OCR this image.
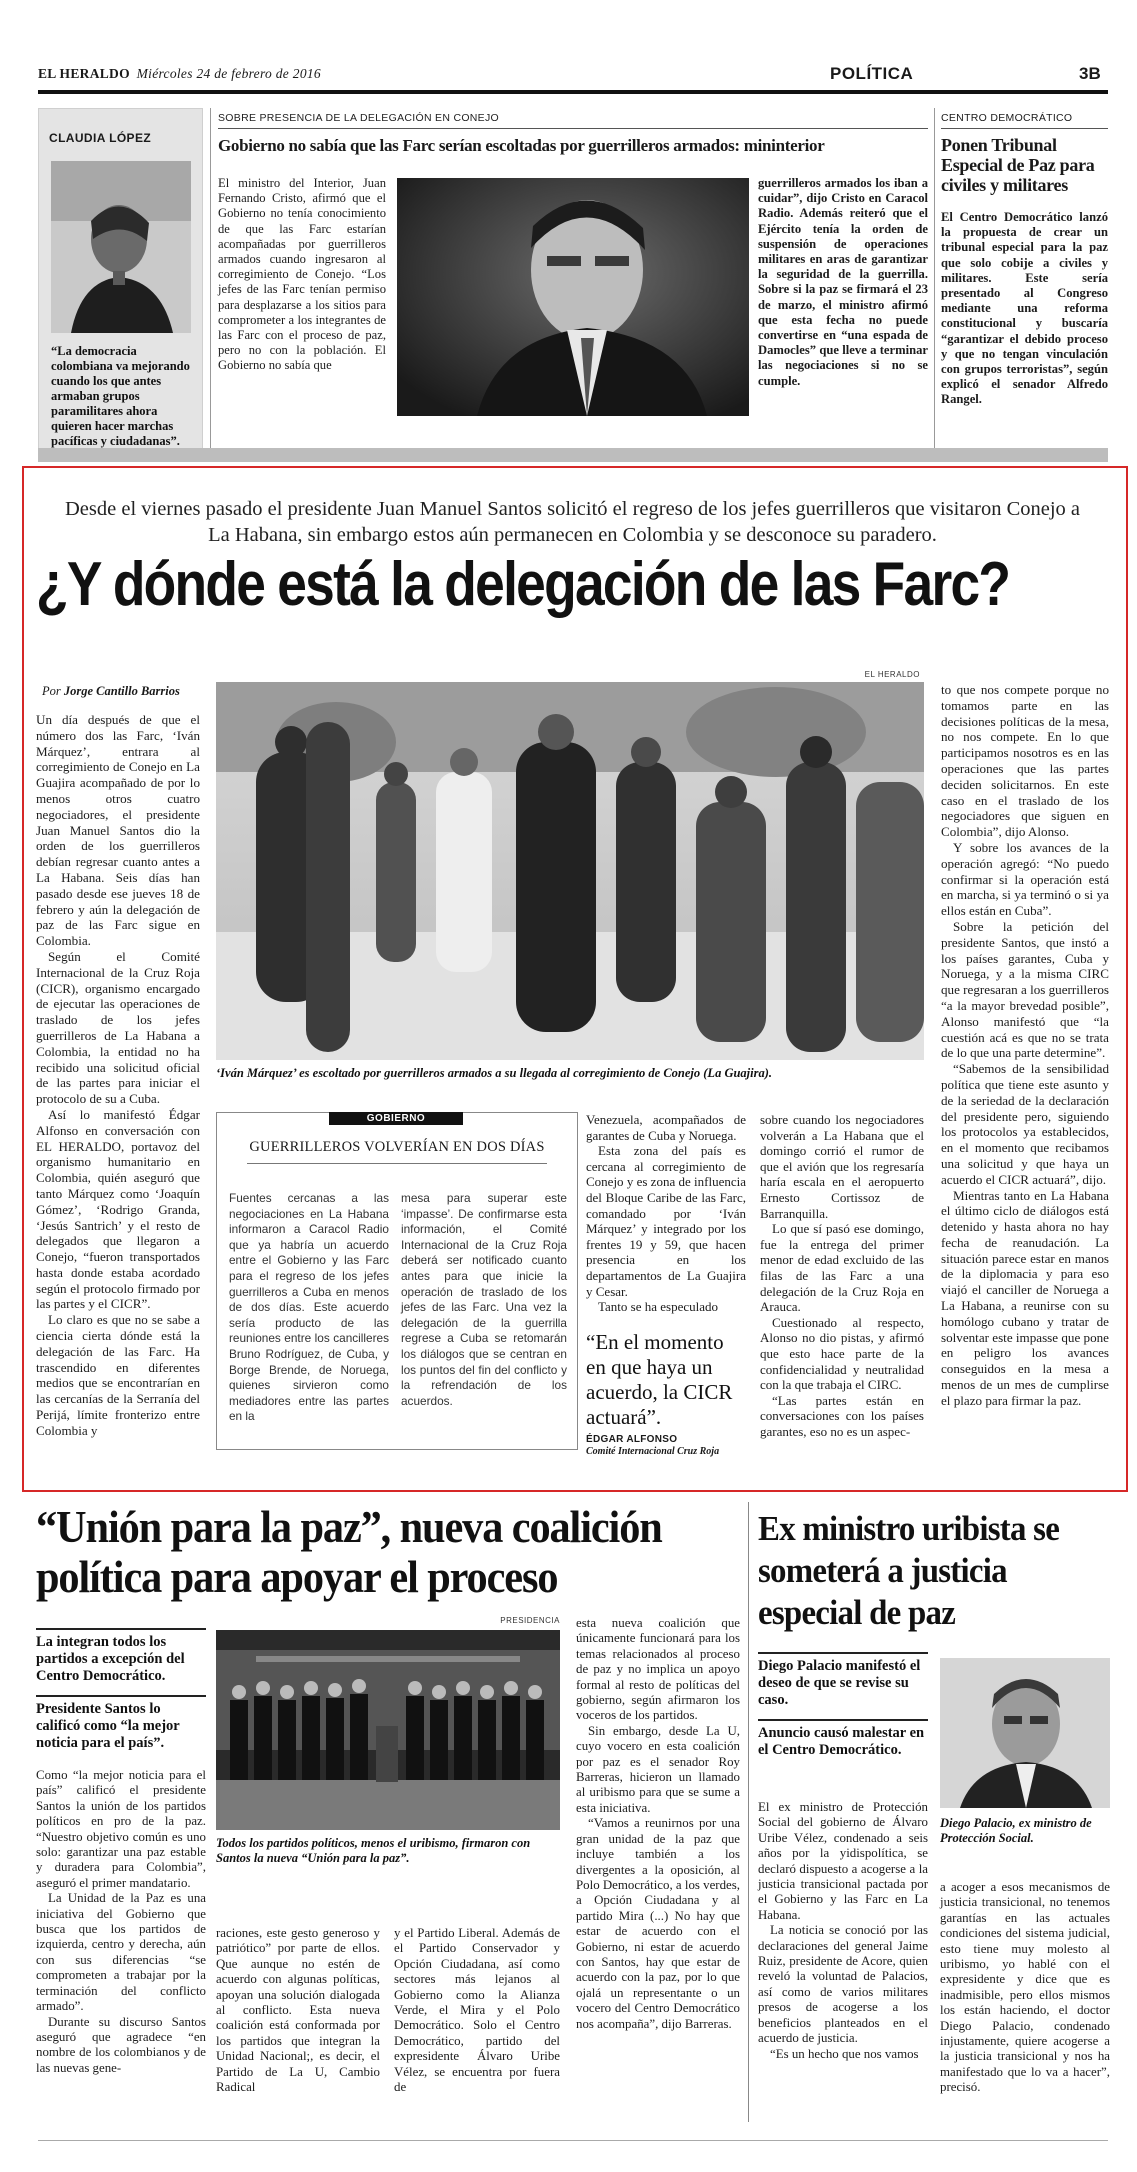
EL HERALDO Miércoles 24 de febrero de 2016	POLÍTICA	3B
CLAUDIA LÓPEZ
“La democracia colombiana va mejorando cuando los que antes armaban grupos paramilitares ahora quieren hacer marchas pacíficas y ciudadanas”.
SOBRE PRESENCIA DE LA DELEGACIÓN EN CONEJO
Gobierno no sabía que las Farc serían escoltadas por guerrilleros armados: mininterior
El ministro del Interior, Juan Fernando Cristo, afirmó que el Gobierno no tenía conocimiento de que las Farc estarían acompañadas por guerrilleros armados cuando ingresaron al corregimiento de Conejo. “Los jefes de las Farc tenían permiso para desplazarse a los sitios para comprometer a los integrantes de las Farc con el proceso de paz, pero no con la población. El Gobierno no sabía que
guerrilleros armados los iban a cuidar”, dijo Cristo en Caracol Radio. Además reiteró que el Ejército tenía la orden de suspensión de operaciones militares en aras de garantizar la seguridad de la guerrilla. Sobre si la paz se firmará el 23 de marzo, el ministro afirmó que esta fecha no puede convertirse en “una espada de Damocles” que lleve a terminar las negociaciones si no se cumple.
CENTRO DEMOCRÁTICO
Ponen Tribunal Especial de Paz para civiles y militares
El Centro Democrático lanzó la propuesta de crear un tribunal especial para la paz que solo cobije a civiles y militares. Este sería presentado al Congreso mediante una reforma constitucional y buscaría “garantizar el debido proceso y que no tengan vinculación con grupos terroristas”, según explicó el senador Alfredo Rangel.
Desde el viernes pasado el presidente Juan Manuel Santos solicitó el regreso de los jefes guerrilleros que visitaron Conejo a La Habana, sin embargo estos aún permanecen en Colombia y se desconoce su paradero.
¿Y dónde está la delegación de las Farc?
Por Jorge Cantillo Barrios
EL HERALDO

Un día después de que el número dos las Farc, ‘Iván Márquez’, entrara al corregimiento de Conejo en La Guajira acompañado de por lo menos otros cuatro negociadores, el presidente Juan Manuel Santos dio la orden de los guerrilleros debían regresar cuanto antes a La Habana. Seis días han pasado desde ese jueves 18 de febrero y aún la delegación de paz de las Farc sigue en Colombia.

Según el Comité Internacional de la Cruz Roja (CICR), organismo encargado de ejecutar las operaciones de traslado de los jefes guerrilleros de La Habana a Colombia, la entidad no ha recibido una solicitud oficial de las partes para iniciar el protocolo de su a Cuba.

Así lo manifestó Édgar Alfonso en conversación con EL HERALDO, portavoz del organismo humanitario en Colombia, quién aseguró que tanto Márquez como ‘Joaquín Gómez’, ‘Rodrigo Granda, ‘Jesús Santrich’ y el resto de delegados que llegaron a Conejo, “fueron transportados hasta donde estaba acordado según el protocolo firmado por las partes y el CICR”.

Lo claro es que no se sabe a ciencia cierta dónde está la delegación de las Farc. Ha trascendido en diferentes medios que se encontrarían en las cercanías de la Serranía del Perijá, límite fronterizo entre Colombia y

‘Iván Márquez’ es escoltado por guerrilleros armados a su llegada al corregimiento de Conejo (La Guajira).

to que nos compete porque no tomamos parte en las decisiones políticas de la mesa, no nos compete. En lo que participamos nosotros es en las operaciones que las partes deciden solicitarnos. En este caso en el traslado de los negociadores que siguen en Colombia”, dijo Alonso.

Y sobre los avances de la operación agregó: “No puedo confirmar si la operación está en marcha, si ya terminó o si ya ellos están en Cuba”.

Sobre la petición del presidente Santos, que instó a los países garantes, Cuba y Noruega, y a la misma CIRC que regresaran a los guerrilleros “a la mayor brevedad posible”, Alonso manifestó que “la cuestión acá es que no se trata de lo que una parte determine”.

“Sabemos de la sensibilidad política que tiene este asunto y de la seriedad de la declaración del presidente pero, siguiendo los protocolos ya establecidos, en el momento que recibamos una solicitud y que haya un acuerdo el CICR actuará”, dijo.

Mientras tanto en La Habana el último ciclo de diálogos está detenido y hasta ahora no hay fecha de reanudación. La situación parece estar en manos de la diplomacia y para eso viajó el canciller de Noruega a La Habana, a reunirse con su homólogo cubano y tratar de solventar este impasse que pone en peligro los avances conseguidos en la mesa a menos de un mes de cumplirse el plazo para firmar la paz.

GOBIERNO
GUERRILLEROS VOLVERÍAN EN DOS DÍAS
Fuentes cercanas a las negociaciones en La Habana informaron a Caracol Radio que ya habría un acuerdo entre el Gobierno y las Farc para el regreso de los jefes guerrilleros a Cuba en menos de dos días. Este acuerdo sería producto de las reuniones entre los cancilleres Bruno Rodríguez, de Cuba, y Borge Brende, de Noruega, quienes sirvieron como mediadores entre las partes en la
mesa para superar este ‘impasse’. De confirmarse esta información, el Comité Internacional de la Cruz Roja deberá ser notificado cuanto antes para que inicie la operación de traslado de los jefes de las Farc. Una vez la delegación de la guerrilla regrese a Cuba se retomarán los diálogos que se centran en los puntos del fin del conflicto y la refrendación de los acuerdos.

Venezuela, acompañados de garantes de Cuba y Noruega.

Esta zona del país es cercana al corregimiento de Conejo y es zona de influencia del Bloque Caribe de las Farc, comandado por ‘Iván Márquez’ y integrado por los frentes 19 y 59, que hacen presencia en los departamentos de La Guajira y Cesar.

Tanto se ha especulado

“En el momento en que haya un acuerdo, la CICR actuará”.
ÉDGAR ALFONSO
Comité Internacional Cruz Roja

sobre cuando los negociadores volverán a La Habana que el domingo corrió el rumor de que el avión que los regresaría haría escala en el aeropuerto Ernesto Cortissoz de Barranquilla.

Lo que sí pasó ese domingo, fue la entrega del primer menor de edad excluido de las filas de las Farc a una delegación de la Cruz Roja en Arauca.

Cuestionado al respecto, Alonso no dio pistas, y afirmó que esto hace parte de la confidencialidad y neutralidad con la que trabaja el CIRC.

“Las partes están en conversaciones con los países garantes, eso no es un aspec-

“Unión para la paz”, nueva coalición política para apoyar el proceso
La integran todos los partidos a excepción del Centro Democrático.
Presidente Santos lo calificó como “la mejor noticia para el país”.

Como “la mejor noticia para el país” calificó el presidente Santos la unión de los partidos políticos en pro de la paz. “Nuestro objetivo común es uno solo: garantizar una paz estable y duradera para Colombia”, aseguró el primer mandatario.

La Unidad de la Paz es una iniciativa del Gobierno que busca que los partidos de izquierda, centro y derecha, aún con sus diferencias “se comprometen a trabajar por la terminación del conflicto armado”.

Durante su discurso Santos aseguró que agradece “en nombre de los colombianos y de las nuevas gene-

PRESIDENCIA
Todos los partidos políticos, menos el uribismo, firmaron con Santos la nueva “Unión para la paz”.
raciones, este gesto generoso y patriótico” por parte de ellos. Que aunque no estén de acuerdo con algunas políticas, apoyan una solución dialogada al conflicto. Esta nueva coalición está conformada por los partidos que integran la Unidad Nacional;, es decir, el Partido de La U, Cambio Radical
y el Partido Liberal. Además de el Partido Conservador y Opción Ciudadana, así como sectores más lejanos al Gobierno como la Alianza Verde, el Mira y el Polo Democrático. Solo el Centro Democrático, partido del expresidente Álvaro Uribe Vélez, se encuentra por fuera de

esta nueva coalición que únicamente funcionará para los temas relacionados al proceso de paz y no implica un apoyo formal al resto de políticas del gobierno, según afirmaron los voceros de los partidos.

Sin embargo, desde La U, cuyo vocero en esta coalición por paz es el senador Roy Barreras, hicieron un llamado al uribismo para que se sume a esta iniciativa.

“Vamos a reunirnos por una gran unidad de la paz que incluye también a los divergentes a la oposición, al Polo Democrático, a los verdes, a Opción Ciudadana y al partido Mira (...) No hay que estar de acuerdo con el Gobierno, ni estar de acuerdo con Santos, hay que estar de acuerdo con la paz, por lo que ojalá un representante o un vocero del Centro Democrático nos acompaña”, dijo Barreras.

Ex ministro uribista se someterá a justicia especial de paz
Diego Palacio manifestó el deseo de que se revise su caso.
Anuncio causó malestar en el Centro Democrático.
Diego Palacio, ex ministro de Protección Social.

El ex ministro de Protección Social del gobierno de Álvaro Uribe Vélez, condenado a seis años por la yidispolítica, se declaró dispuesto a acogerse a la justicia transicional pactada por el Gobierno y las Farc en La Habana.

La noticia se conoció por las declaraciones del general Jaime Ruiz, presidente de Acore, quien reveló la voluntad de Palacios, así como de varios militares presos de acogerse a los beneficios planteados en el acuerdo de justicia.

“Es un hecho que nos vamos

a acoger a esos mecanismos de justicia transicional, no tenemos garantías en las actuales condiciones del sistema judicial, esto tiene muy molesto al uribismo, yo hablé con el expresidente y dice que es inadmisible, pero ellos mismos los están haciendo, el doctor Diego Palacio, condenado injustamente, quiere acogerse a la justicia transicional y nos ha manifestado que lo va a hacer”, precisó.
